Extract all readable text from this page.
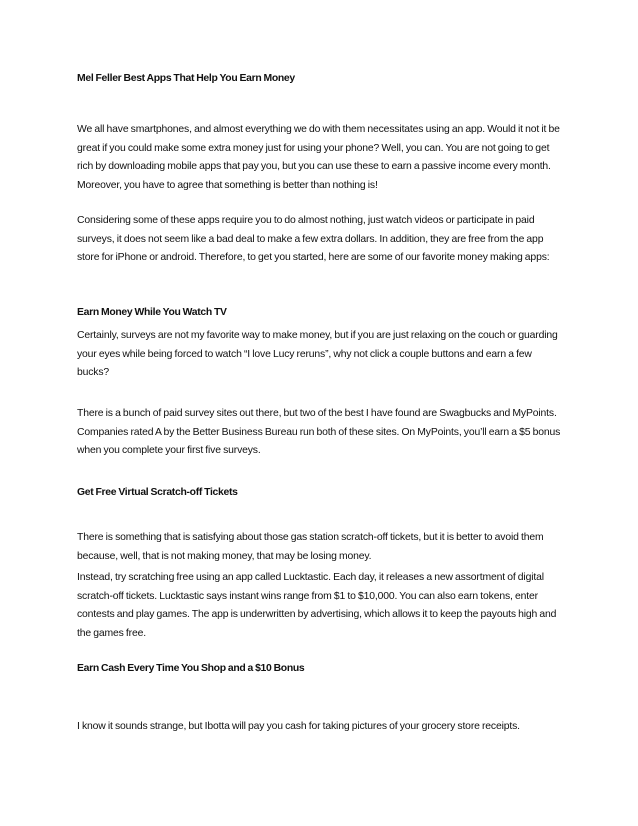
Mel Feller Best Apps That Help You Earn Money

We all have smartphones, and almost everything we do with them necessitates using an app. Would it not it be great if you could make some extra money just for using your phone? Well, you can. You are not going to get rich by downloading mobile apps that pay you, but you can use these to earn a passive income every month. Moreover, you have to agree that something is better than nothing is!

Considering some of these apps require you to do almost nothing, just watch videos or participate in paid surveys, it does not seem like a bad deal to make a few extra dollars. In addition, they are free from the app store for iPhone or android. Therefore, to get you started, here are some of our favorite money making apps:

Earn Money While You Watch TV

Certainly, surveys are not my favorite way to make money, but if you are just relaxing on the couch or guarding your eyes while being forced to watch “I love Lucy reruns”, why not click a couple buttons and earn a few bucks?

There is a bunch of paid survey sites out there, but two of the best I have found are Swagbucks and MyPoints. Companies rated A by the Better Business Bureau run both of these sites. On MyPoints, you’ll earn a $5 bonus when you complete your first five surveys.

Get Free Virtual Scratch-off Tickets

There is something that is satisfying about those gas station scratch-off tickets, but it is better to avoid them because, well, that is not making money, that may be losing money.

Instead, try scratching free using an app called Lucktastic. Each day, it releases a new assortment of digital scratch-off tickets. Lucktastic says instant wins range from $1 to $10,000. You can also earn tokens, enter contests and play games. The app is underwritten by advertising, which allows it to keep the payouts high and the games free.

Earn Cash Every Time You Shop and a $10 Bonus

I know it sounds strange, but Ibotta will pay you cash for taking pictures of your grocery store receipts.
